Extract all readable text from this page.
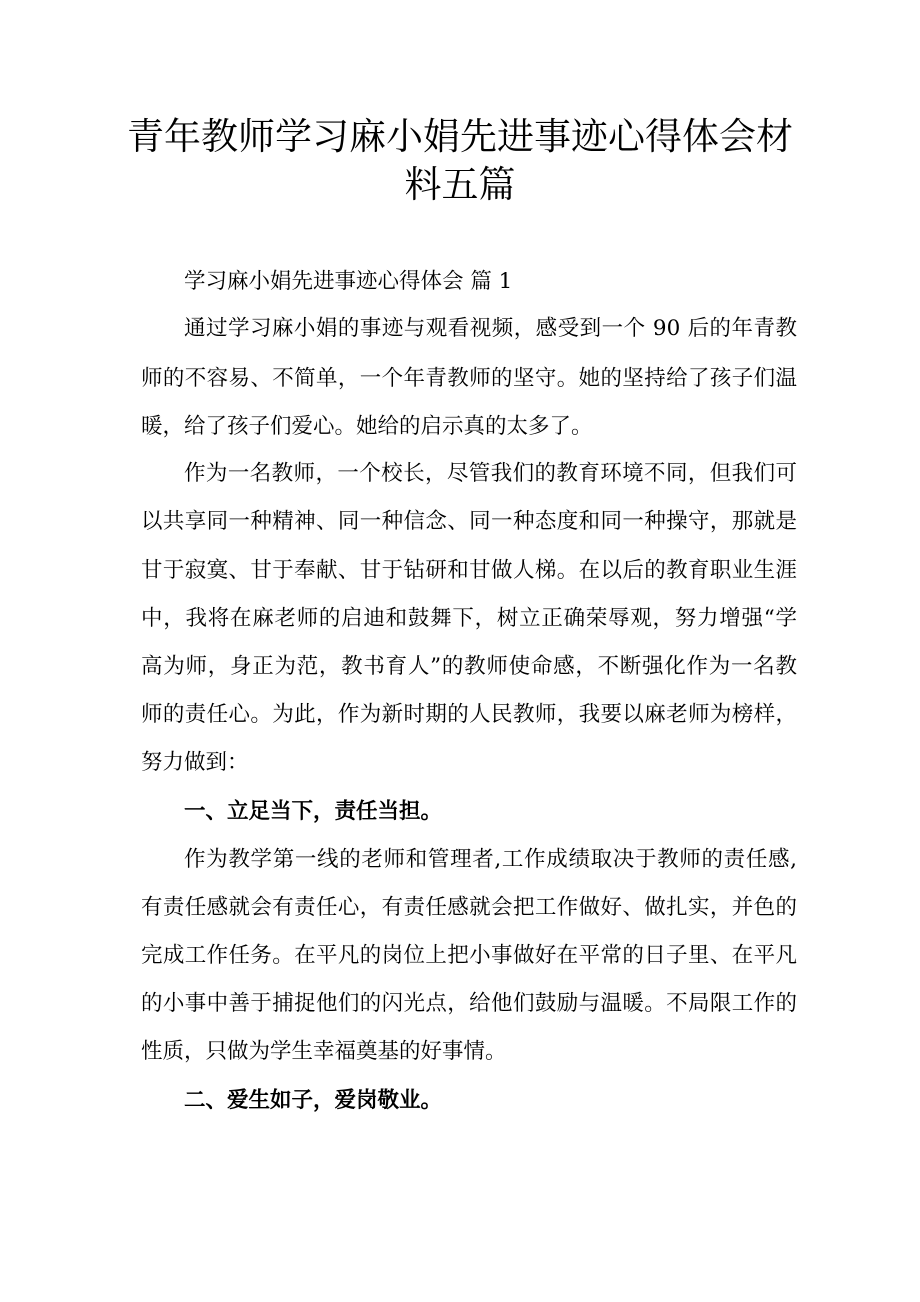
青年教师学习麻小娟先进事迹心得体会材
料五篇

学习麻小娟先进事迹心得体会 篇 1

通过学习麻小娟的事迹与观看视频，感受到一个 90 后的年青教

师的不容易、不简单，一个年青教师的坚守。她的坚持给了孩子们温

暖，给了孩子们爱心。她给的启示真的太多了。

作为一名教师，一个校长，尽管我们的教育环境不同，但我们可

以共享同一种精神、同一种信念、同一种态度和同一种操守，那就是

甘于寂寞、甘于奉献、甘于钻研和甘做人梯。在以后的教育职业生涯

中，我将在麻老师的启迪和鼓舞下，树立正确荣辱观，努力增强“学

高为师，身正为范，教书育人”的教师使命感，不断强化作为一名教

师的责任心。为此，作为新时期的人民教师，我要以麻老师为榜样，

努力做到：

一、立足当下，责任当担。

作为教学第一线的老师和管理者,工作成绩取决于教师的责任感,

有责任感就会有责任心，有责任感就会把工作做好、做扎实，并色的

完成工作任务。在平凡的岗位上把小事做好在平常的日子里、在平凡

的小事中善于捕捉他们的闪光点，给他们鼓励与温暖。不局限工作的

性质，只做为学生幸福奠基的好事情。

二、爱生如子，爱岗敬业。
